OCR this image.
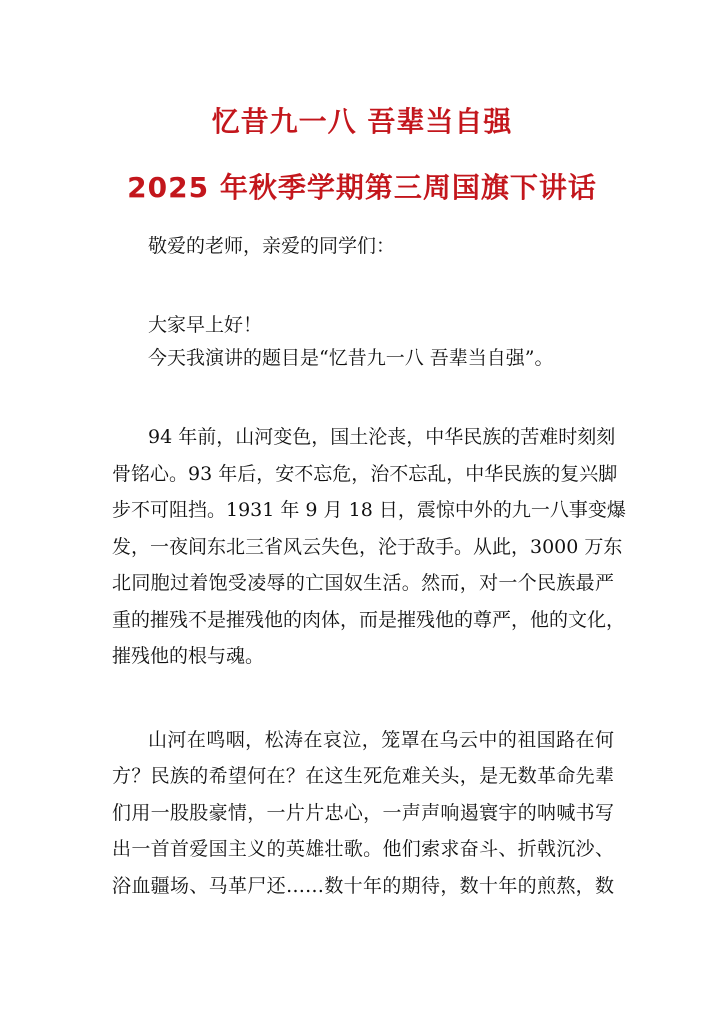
忆昔九一八 吾辈当自强
2025 年秋季学期第三周国旗下讲话
敬爱的老师，亲爱的同学们：
大家早上好！
今天我演讲的题目是“忆昔九一八 吾辈当自强”。
94 年前，山河变色，国土沦丧，中华民族的苦难时刻刻
骨铭心。93 年后，安不忘危，治不忘乱，中华民族的复兴脚
步不可阻挡。1931 年 9 月 18 日，震惊中外的九一八事变爆
发，一夜间东北三省风云失色，沦于敌手。从此，3000 万东
北同胞过着饱受凌辱的亡国奴生活。然而，对一个民族最严
重的摧残不是摧残他的肉体，而是摧残他的尊严，他的文化，
摧残他的根与魂。
山河在鸣咽，松涛在哀泣，笼罩在乌云中的祖国路在何
方？民族的希望何在？在这生死危难关头，是无数革命先辈
们用一股股豪情，一片片忠心，一声声响遏寰宇的呐喊书写
出一首首爱国主义的英雄壮歌。他们索求奋斗、折戟沉沙、
浴血疆场、马革尸还……数十年的期待，数十年的煎熬，数
